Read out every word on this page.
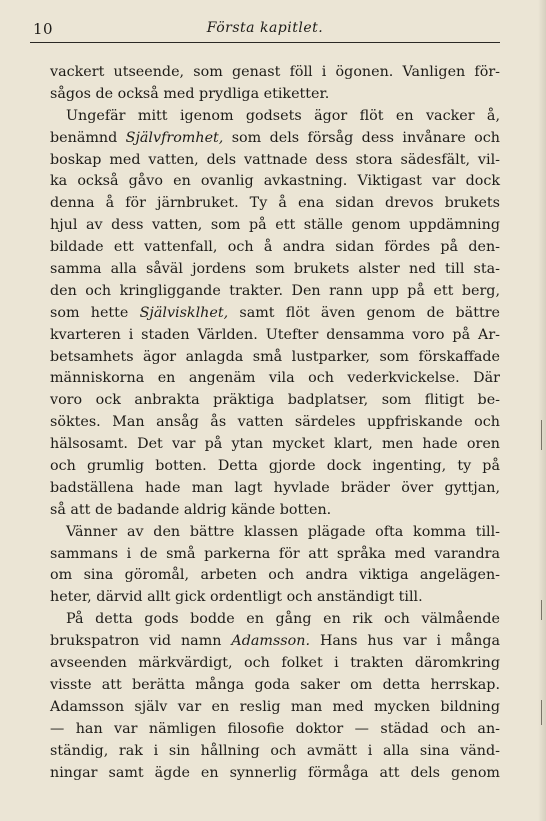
10	Första kapitlet.
vackert utseende, som genast föll i ögonen. Vanligen för-
sågos de också med prydliga etiketter.
Ungefär mitt igenom godsets ägor flöt en vacker å,
benämnd Självfromhet, som dels försåg dess invånare och
boskap med vatten, dels vattnade dess stora sädesfält, vil-
ka också gåvo en ovanlig avkastning. Viktigast var dock
denna å för järnbruket. Ty å ena sidan drevos brukets
hjul av dess vatten, som på ett ställe genom uppdämning
bildade ett vattenfall, och å andra sidan fördes på den-
samma alla såväl jordens som brukets alster ned till sta-
den och kringliggande trakter. Den rann upp på ett berg,
som hette Självisklhet, samt flöt även genom de bättre
kvarteren i staden Världen. Utefter densamma voro på Ar-
betsamhets ägor anlagda små lustparker, som förskaffade
människorna en angenäm vila och vederkvickelse. Där
voro ock anbrakta präktiga badplatser, som flitigt be-
söktes. Man ansåg ås vatten särdeles uppfriskande och
hälsosamt. Det var på ytan mycket klart, men hade oren
och grumlig botten. Detta gjorde dock ingenting, ty på
badställena hade man lagt hyvlade bräder över gyttjan,
så att de badande aldrig kände botten.
Vänner av den bättre klassen plägade ofta komma till-
sammans i de små parkerna för att språka med varandra
om sina göromål, arbeten och andra viktiga angelägen-
heter, därvid allt gick ordentligt och anständigt till.
På detta gods bodde en gång en rik och välmående
brukspatron vid namn Adamsson. Hans hus var i många
avseenden märkvärdigt, och folket i trakten däromkring
visste att berätta många goda saker om detta herrskap.
Adamsson själv var en reslig man med mycken bildning
— han var nämligen filosofie doktor — städad och an-
ständig, rak i sin hållning och avmätt i alla sina vänd-
ningar samt ägde en synnerlig förmåga att dels genom
